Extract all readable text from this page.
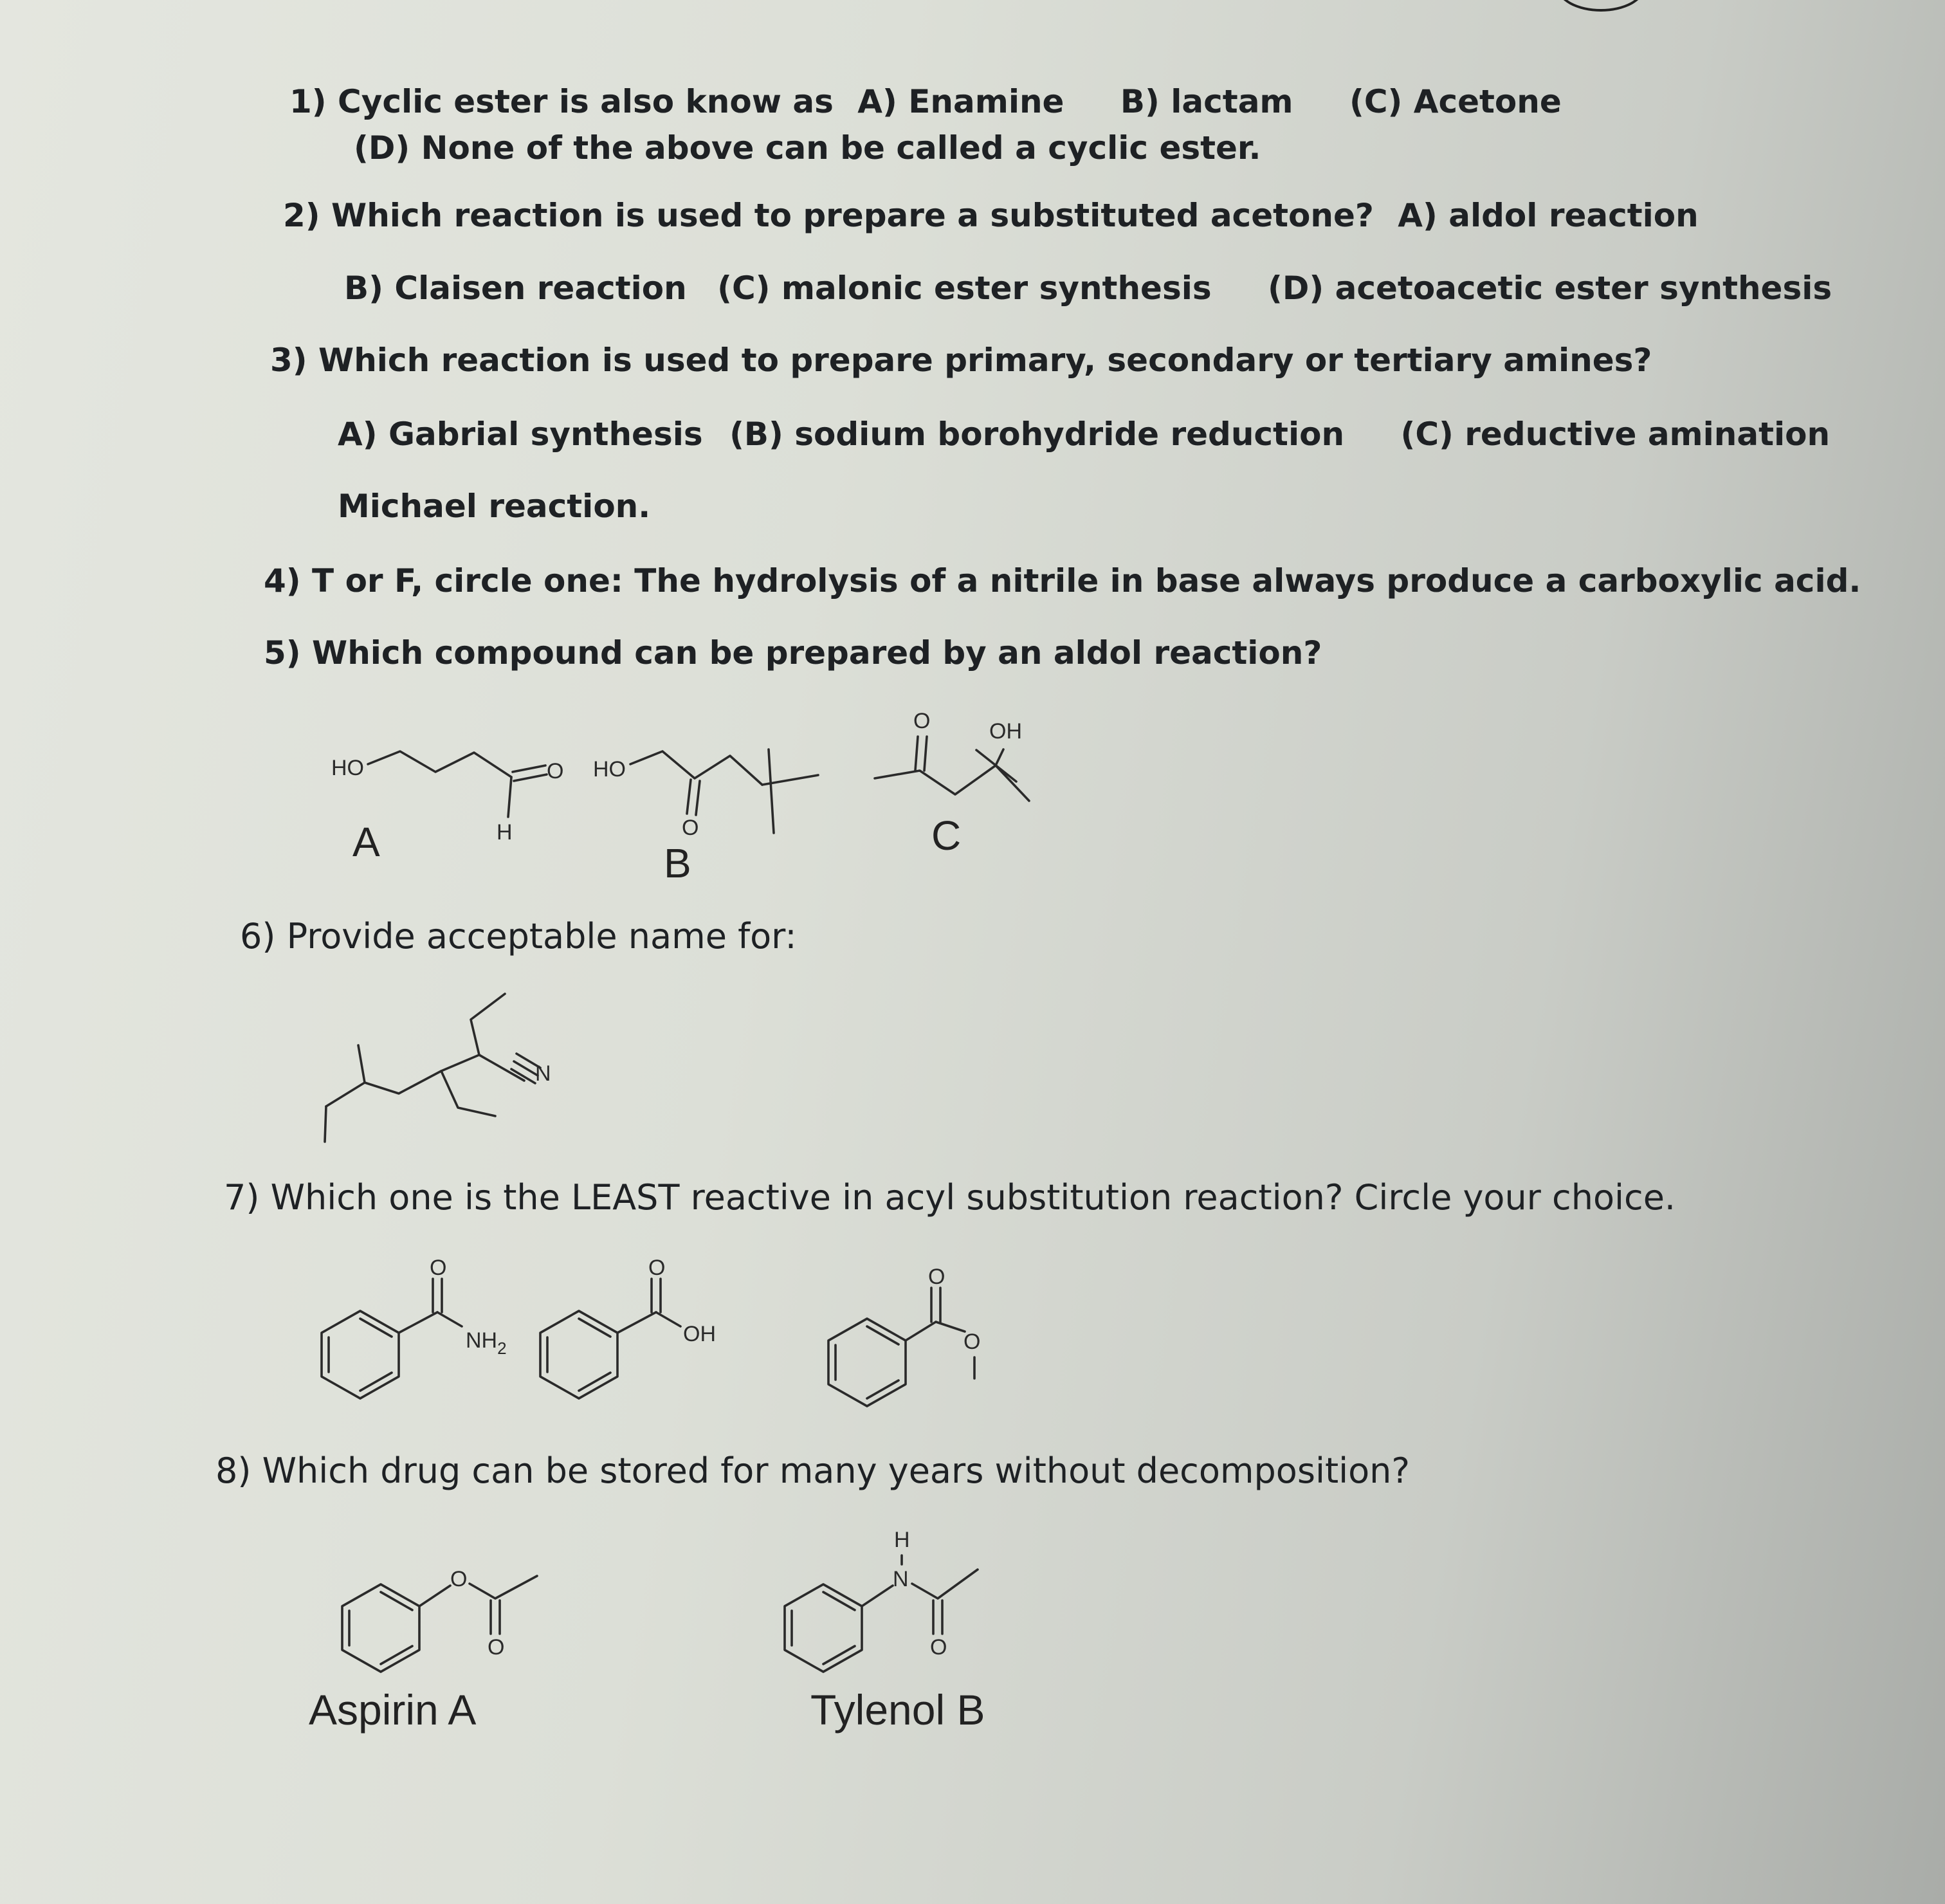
1) Cyclic ester is also know as A) Enamine B) lactam (C) Acetone
(D) None of the above can be called a cyclic ester.
2) Which reaction is used to prepare a substituted acetone? A) aldol reaction
B) Claisen reaction (C) malonic ester synthesis (D) acetoacetic ester synthesis
3) Which reaction is used to prepare primary, secondary or tertiary amines?
A) Gabrial synthesis (B) sodium borohydride reduction (C) reductive amination
Michael reaction.
4) T or F, circle one: The hydrolysis of a nitrile in base always produce a carboxylic acid.
5) Which compound can be prepared by an aldol reaction?
HO	O
H
HO
O
O	OH
N
O
$NH_2$
O
OH
O
O
O
O
H
N
O
A	B
C
6) Provide acceptable name for:
7) Which one is the LEAST reactive in acyl substitution reaction? Circle your choice.
8) Which drug can be stored for many years without decomposition?
Aspirin A	Tylenol B
